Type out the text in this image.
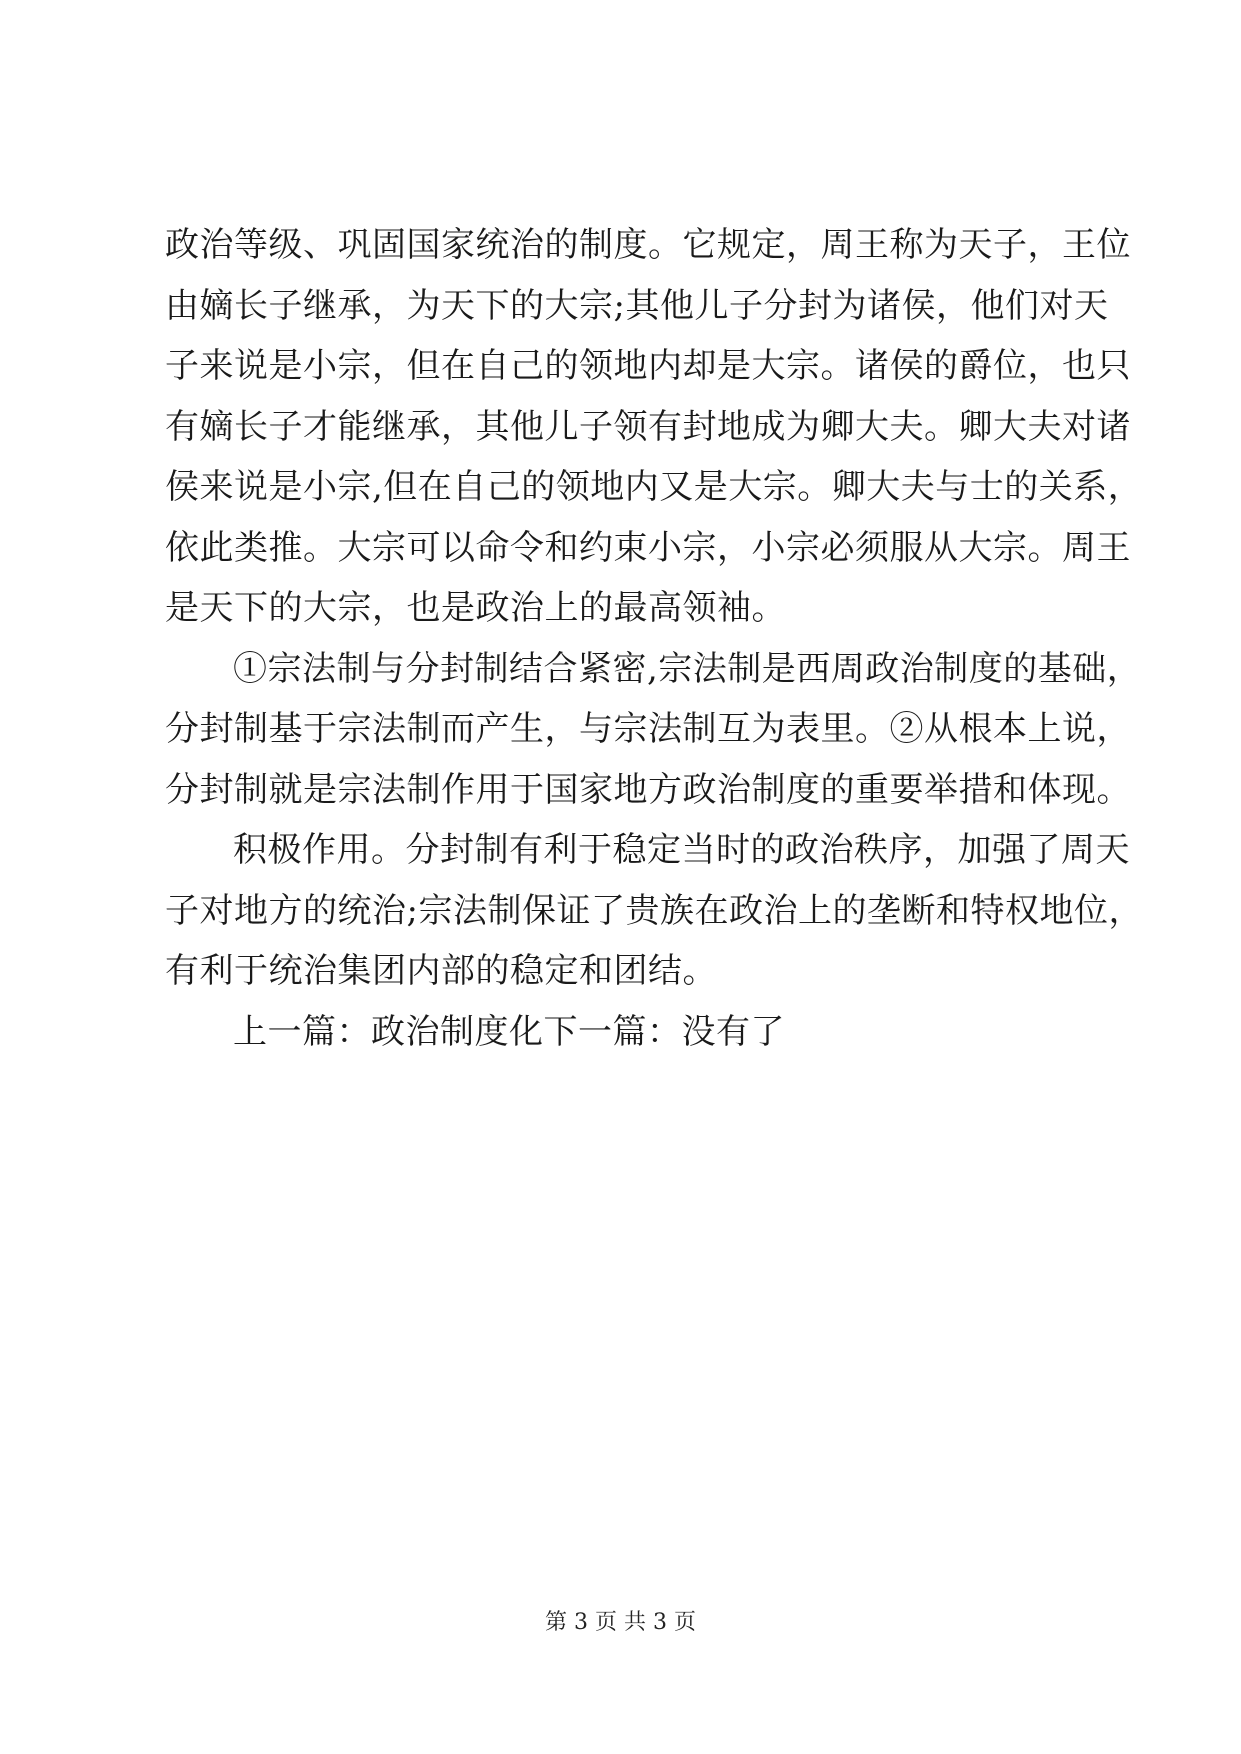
政治等级、巩固国家统治的制度。它规定，周王称为天子，王位
由嫡长子继承，为天下的大宗;其他儿子分封为诸侯，他们对天
子来说是小宗，但在自己的领地内却是大宗。诸侯的爵位，也只
有嫡长子才能继承，其他儿子领有封地成为卿大夫。卿大夫对诸
侯来说是小宗,但在自己的领地内又是大宗。卿大夫与士的关系，
依此类推。大宗可以命令和约束小宗，小宗必须服从大宗。周王
是天下的大宗，也是政治上的最高领袖。
①宗法制与分封制结合紧密,宗法制是西周政治制度的基础，
分封制基于宗法制而产生，与宗法制互为表里。②从根本上说，
分封制就是宗法制作用于国家地方政治制度的重要举措和体现。
积极作用。分封制有利于稳定当时的政治秩序，加强了周天
子对地方的统治;宗法制保证了贵族在政治上的垄断和特权地位，
有利于统治集团内部的稳定和团结。
上一篇：政治制度化下一篇：没有了
第 3 页 共 3 页
